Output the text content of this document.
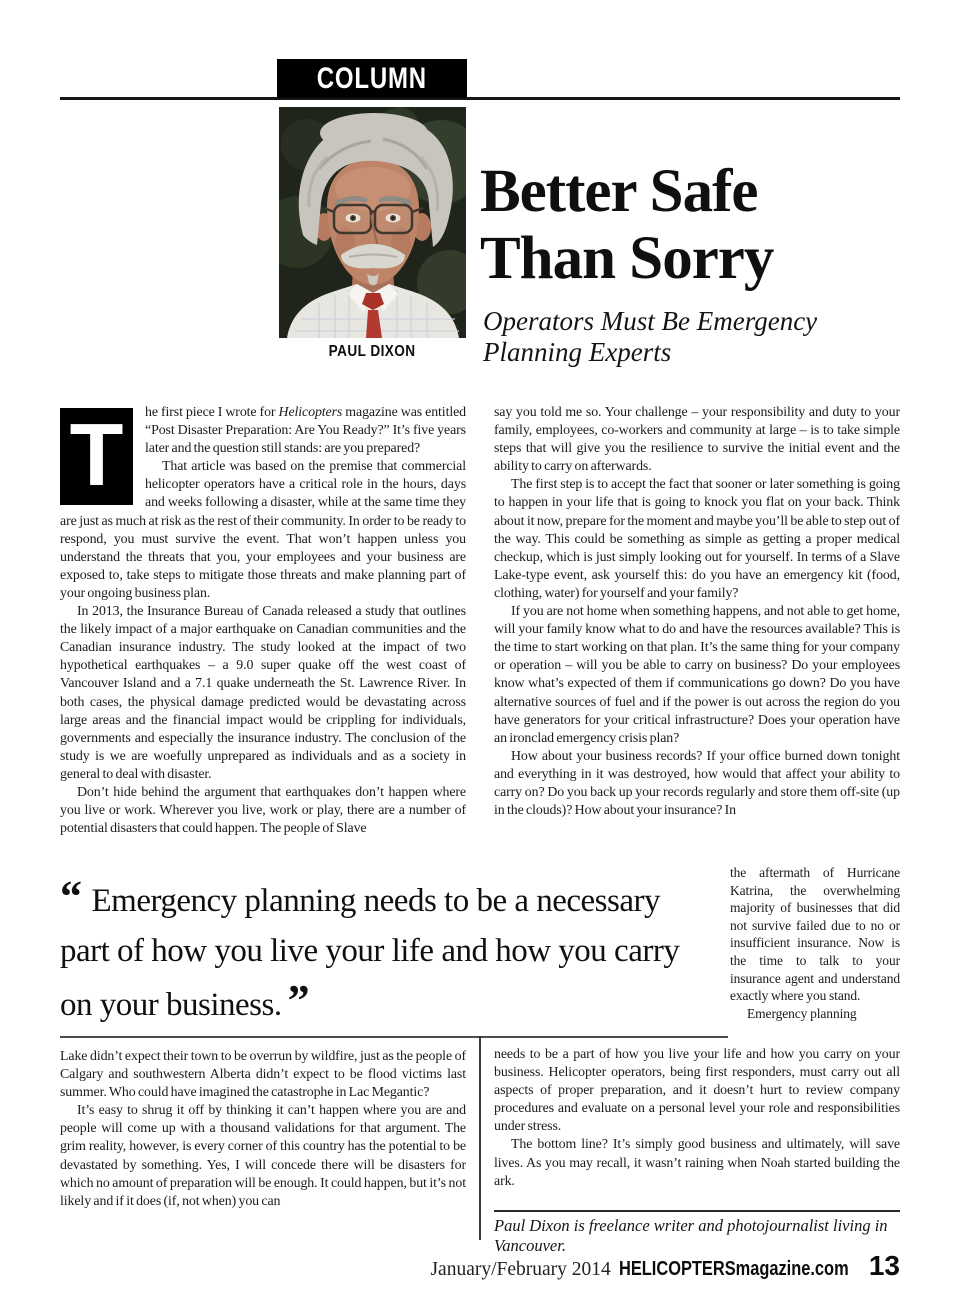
COLUMN
PAUL DIXON
Better Safe
Than Sorry
Operators Must Be Emergency Planning Experts
T	he first piece I wrote for Helicopters magazine was entitled “Post Disaster Preparation: Are You Ready?” It’s five years later and the question still stands: are you prepared?

That article was based on the premise that commercial helicopter operators have a critical role in the hours, days and weeks following a disaster, while at the same time they are just as much at risk as the rest of their community. In order to be ready to respond, you must survive the event. That won’t happen unless you understand the threats that you, your employees and your business are exposed to, take steps to mitigate those threats and make planning part of your ongoing business plan.

In 2013, the Insurance Bureau of Canada released a study that outlines the likely impact of a major earthquake on Canadian communities and the Canadian insurance industry. The study looked at the impact of two hypothetical earthquakes – a 9.0 super quake off the west coast of Vancouver Island and a 7.1 quake underneath the St. Lawrence River. In both cases, the physical damage predicted would be devastating across large areas and the financial impact would be crippling for individuals, governments and especially the insurance industry. The conclusion of the study is we are woefully unprepared as individuals and as a society in general to deal with disaster.

Don’t hide behind the argument that earthquakes don’t happen where you live or work. Wherever you live, work or play, there are a number of potential disasters that could happen. The people of Slave

say you told me so. Your challenge – your responsibility and duty to your family, employees, co-workers and community at large – is to take simple steps that will give you the resilience to survive the initial event and the ability to carry on afterwards.

The first step is to accept the fact that sooner or later something is going to happen in your life that is going to knock you flat on your back. Think about it now, prepare for the moment and maybe you’ll be able to step out of the way. This could be something as simple as getting a proper medical checkup, which is just simply looking out for yourself. In terms of a Slave Lake-type event, ask yourself this: do you have an emergency kit (food, clothing, water) for yourself and your family?

If you are not home when something happens, and not able to get home, will your family know what to do and have the resources available? This is the time to start working on that plan. It’s the same thing for your company or operation – will you be able to carry on business? Do your employees know what’s expected of them if communications go down? Do you have alternative sources of fuel and if the power is out across the region do you have generators for your critical infrastructure? Does your operation have an ironclad emergency crisis plan?

How about your business records? If your office burned down tonight and everything in it was destroyed, how would that affect your ability to carry on? Do you back up your records regularly and store them off-site (up in the clouds)? How about your insurance? In

“ Emergency planning needs to be a necessary part of how you live your life and how you carry on your business. ”

the aftermath of Hurricane Katrina, the overwhelming majority of businesses that did not survive failed due to no or insufficient insurance. Now is the time to talk to your insurance agent and understand exactly where you stand.

Emergency planning

Lake didn’t expect their town to be overrun by wildfire, just as the people of Calgary and southwestern Alberta didn’t expect to be flood victims last summer. Who could have imagined the catastrophe in Lac Megantic?

It’s easy to shrug it off by thinking it can’t happen where you are and people will come up with a thousand validations for that argument. The grim reality, however, is every corner of this country has the potential to be devastated by something. Yes, I will concede there will be disasters for which no amount of preparation will be enough. It could happen, but it’s not likely and if it does (if, not when) you can

needs to be a part of how you live your life and how you carry on your business. Helicopter operators, being first responders, must carry out all aspects of proper preparation, and it doesn’t hurt to review company procedures and evaluate on a personal level your role and responsibilities under stress.

The bottom line? It’s simply good business and ultimately, will save lives. As you may recall, it wasn’t raining when Noah started building the ark.

Paul Dixon is freelance writer and photojournalist living in Vancouver.
January/February 2014 HELICOPTERSmagazine.com 13
